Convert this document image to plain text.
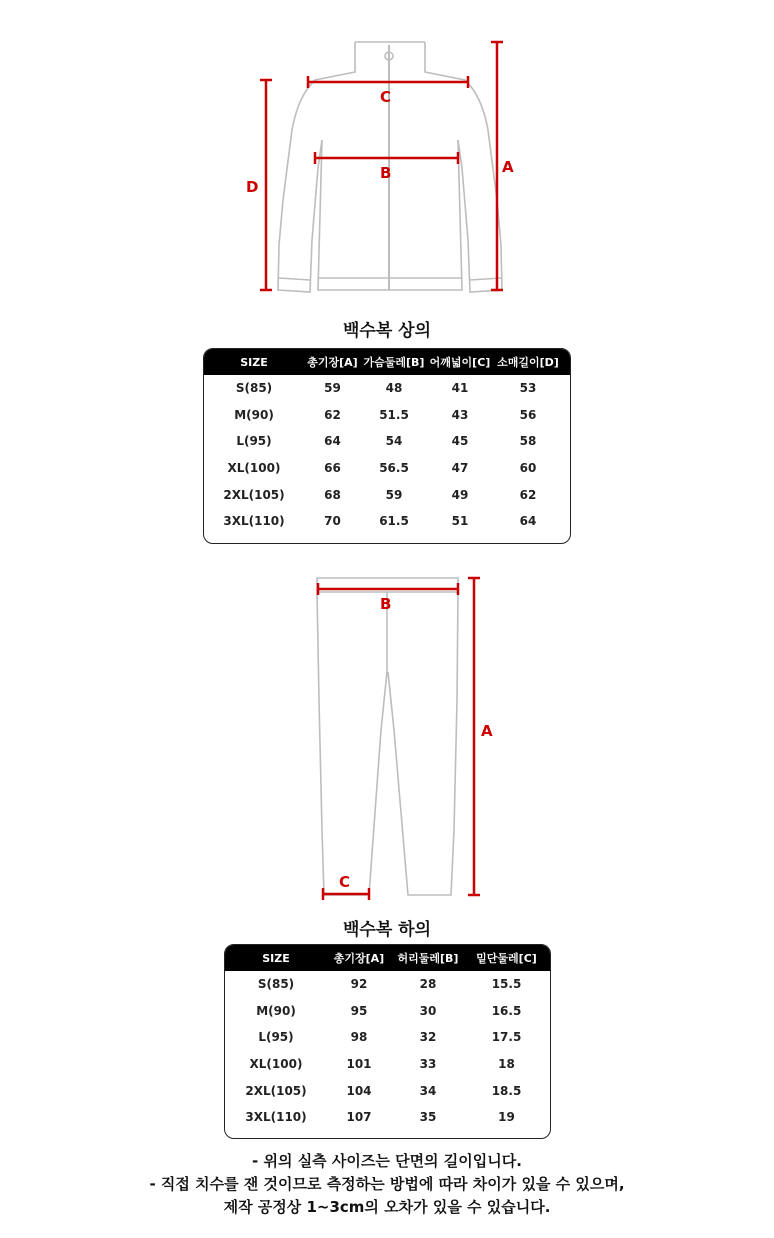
C
B	A
D
백수복 상의
SIZE	총기장[A] 가슴둘레[B] 어깨넓이[C] 소매길이[D]
S(85)	59	48	41	53
M(90)	62	51.5	43	56
L(95)	64	54	45	58
XL(100)	66	56.5	47	60
2XL(105)	68	59	49	62
3XL(110)	70	61.5	51	64
B
A
C
백수복 하의
SIZE	총기장[A]	허리둘레[B]	밑단둘레[C]
S(85)	92	28	15.5
M(90)	95	30	16.5
L(95)	98	32	17.5
XL(100)	101	33	18
2XL(105)	104	34	18.5
3XL(110)	107	35	19
- 위의 실측 사이즈는 단면의 길이입니다.
- 직접 치수를 잰 것이므로 측정하는 방법에 따라 차이가 있을 수 있으며,
제작 공정상 1~3cm의 오차가 있을 수 있습니다.
